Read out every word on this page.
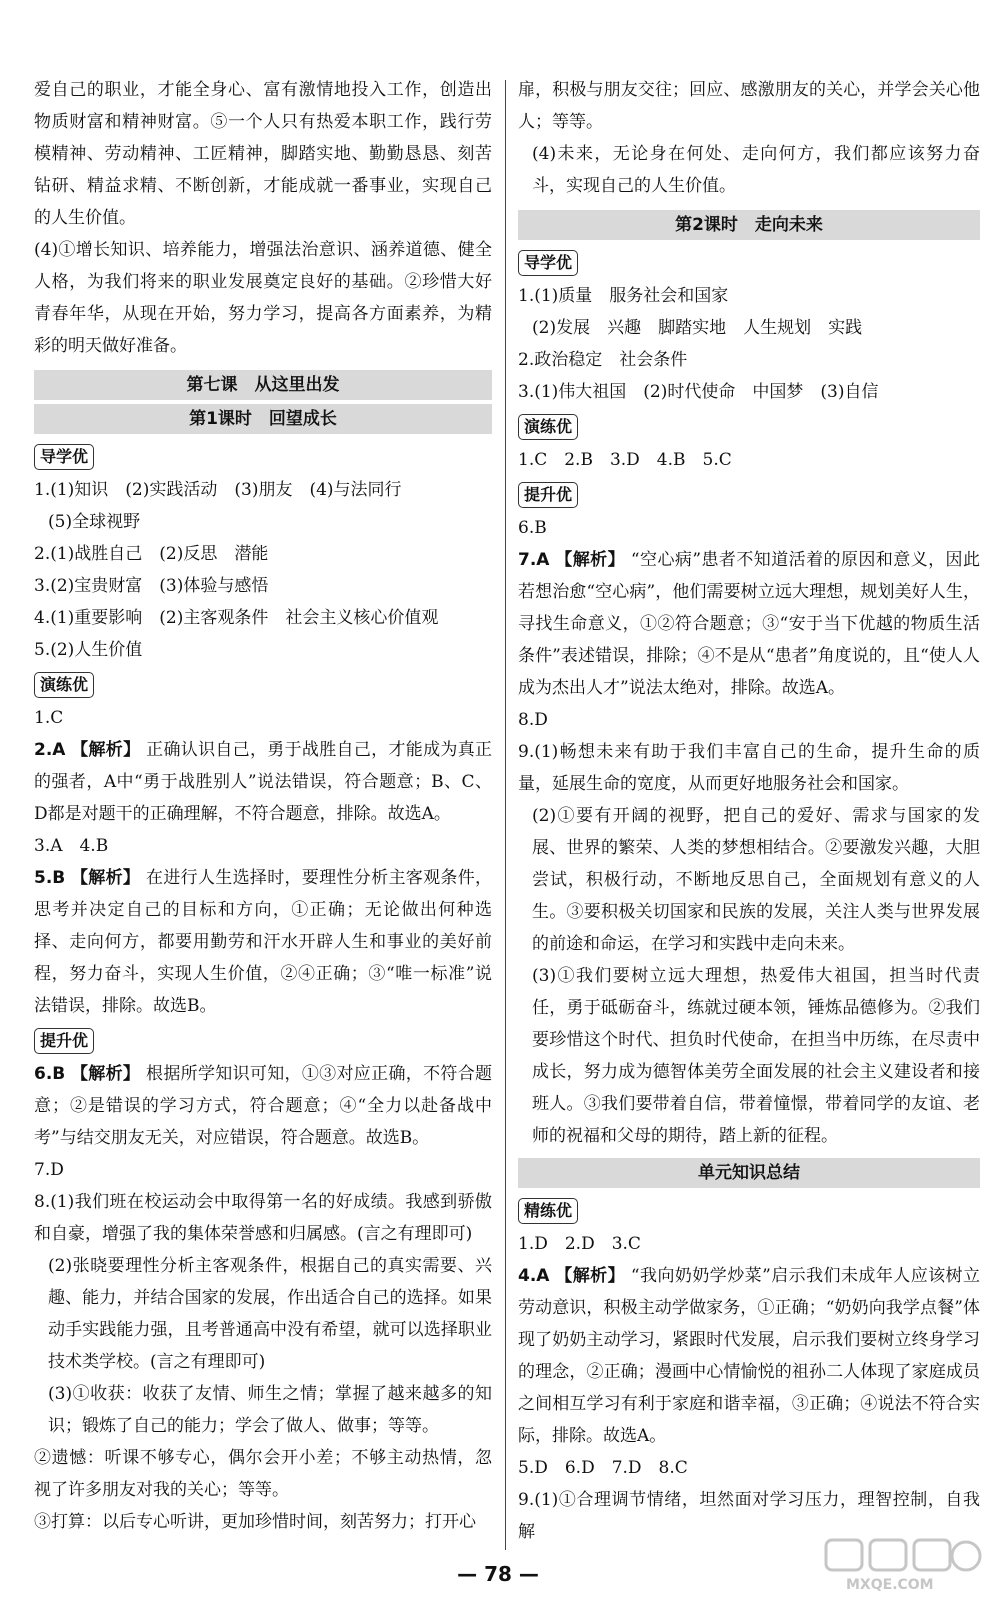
爱自己的职业，才能全身心、富有激情地投入工作，创造出物质财富和精神财富。⑤一个人只有热爱本职工作，践行劳模精神、劳动精神、工匠精神，脚踏实地、勤勤恳恳、刻苦钻研、精益求精、不断创新，才能成就一番事业，实现自己的人生价值。

(4)①增长知识、培养能力，增强法治意识、涵养道德、健全人格，为我们将来的职业发展奠定良好的基础。②珍惜大好青春年华，从现在开始，努力学习，提高各方面素养，为精彩的明天做好准备。

第七课　从这里出发
第1课时　回望成长
导学优

1.(1)知识　(2)实践活动　(3)朋友　(4)与法同行

(5)全球视野

2.(1)战胜自己　(2)反思　潜能

3.(2)宝贵财富　(3)体验与感悟

4.(1)重要影响　(2)主客观条件　社会主义核心价值观

5.(2)人生价值

演练优

1.C

2.A 【解析】 正确认识自己，勇于战胜自己，才能成为真正的强者，A中“勇于战胜别人”说法错误，符合题意；B、C、D都是对题干的正确理解，不符合题意，排除。故选A。

3.A　4.B

5.B 【解析】 在进行人生选择时，要理性分析主客观条件，思考并决定自己的目标和方向，①正确；无论做出何种选择、走向何方，都要用勤劳和汗水开辟人生和事业的美好前程，努力奋斗，实现人生价值，②④正确；③“唯一标准”说法错误，排除。故选B。

提升优

6.B 【解析】 根据所学知识可知，①③对应正确，不符合题意；②是错误的学习方式，符合题意；④“全力以赴备战中考”与结交朋友无关，对应错误，符合题意。故选B。

7.D

8.(1)我们班在校运动会中取得第一名的好成绩。我感到骄傲和自豪，增强了我的集体荣誉感和归属感。(言之有理即可)

(2)张晓要理性分析主客观条件，根据自己的真实需要、兴趣、能力，并结合国家的发展，作出适合自己的选择。如果动手实践能力强，且考普通高中没有希望，就可以选择职业技术类学校。(言之有理即可)

(3)①收获：收获了友情、师生之情；掌握了越来越多的知识；锻炼了自己的能力；学会了做人、做事；等等。

②遗憾：听课不够专心，偶尔会开小差；不够主动热情，忽视了许多朋友对我的关心；等等。

③打算：以后专心听讲，更加珍惜时间，刻苦努力；打开心

扉，积极与朋友交往；回应、感激朋友的关心，并学会关心他人；等等。

(4)未来，无论身在何处、走向何方，我们都应该努力奋斗，实现自己的人生价值。

第2课时　走向未来
导学优

1.(1)质量　服务社会和国家

(2)发展　兴趣　脚踏实地　人生规划　实践

2.政治稳定　社会条件

3.(1)伟大祖国　(2)时代使命　中国梦　(3)自信

演练优

1.C　2.B　3.D　4.B　5.C

提升优

6.B

7.A 【解析】 “空心病”患者不知道活着的原因和意义，因此若想治愈“空心病”，他们需要树立远大理想，规划美好人生，寻找生命意义，①②符合题意；③“安于当下优越的物质生活条件”表述错误，排除；④不是从“患者”角度说的，且“使人人成为杰出人才”说法太绝对，排除。故选A。

8.D

9.(1)畅想未来有助于我们丰富自己的生命，提升生命的质量，延展生命的宽度，从而更好地服务社会和国家。

(2)①要有开阔的视野，把自己的爱好、需求与国家的发展、世界的繁荣、人类的梦想相结合。②要激发兴趣，大胆尝试，积极行动，不断地反思自己，全面规划有意义的人生。③要积极关切国家和民族的发展，关注人类与世界发展的前途和命运，在学习和实践中走向未来。

(3)①我们要树立远大理想，热爱伟大祖国，担当时代责任，勇于砥砺奋斗，练就过硬本领，锤炼品德修为。②我们要珍惜这个时代、担负时代使命，在担当中历练，在尽责中成长，努力成为德智体美劳全面发展的社会主义建设者和接班人。③我们要带着自信，带着憧憬，带着同学的友谊、老师的祝福和父母的期待，踏上新的征程。

单元知识总结
精练优

1.D　2.D　3.C

4.A 【解析】 “我向奶奶学炒菜”启示我们未成年人应该树立劳动意识，积极主动学做家务，①正确；“奶奶向我学点餐”体现了奶奶主动学习，紧跟时代发展，启示我们要树立终身学习的理念，②正确；漫画中心情愉悦的祖孙二人体现了家庭成员之间相互学习有利于家庭和谐幸福，③正确；④说法不符合实际，排除。故选A。

5.D　6.D　7.D　8.C

9.(1)①合理调节情绪，坦然面对学习压力，理智控制，自我解

— 78 —	MXQE.COM
